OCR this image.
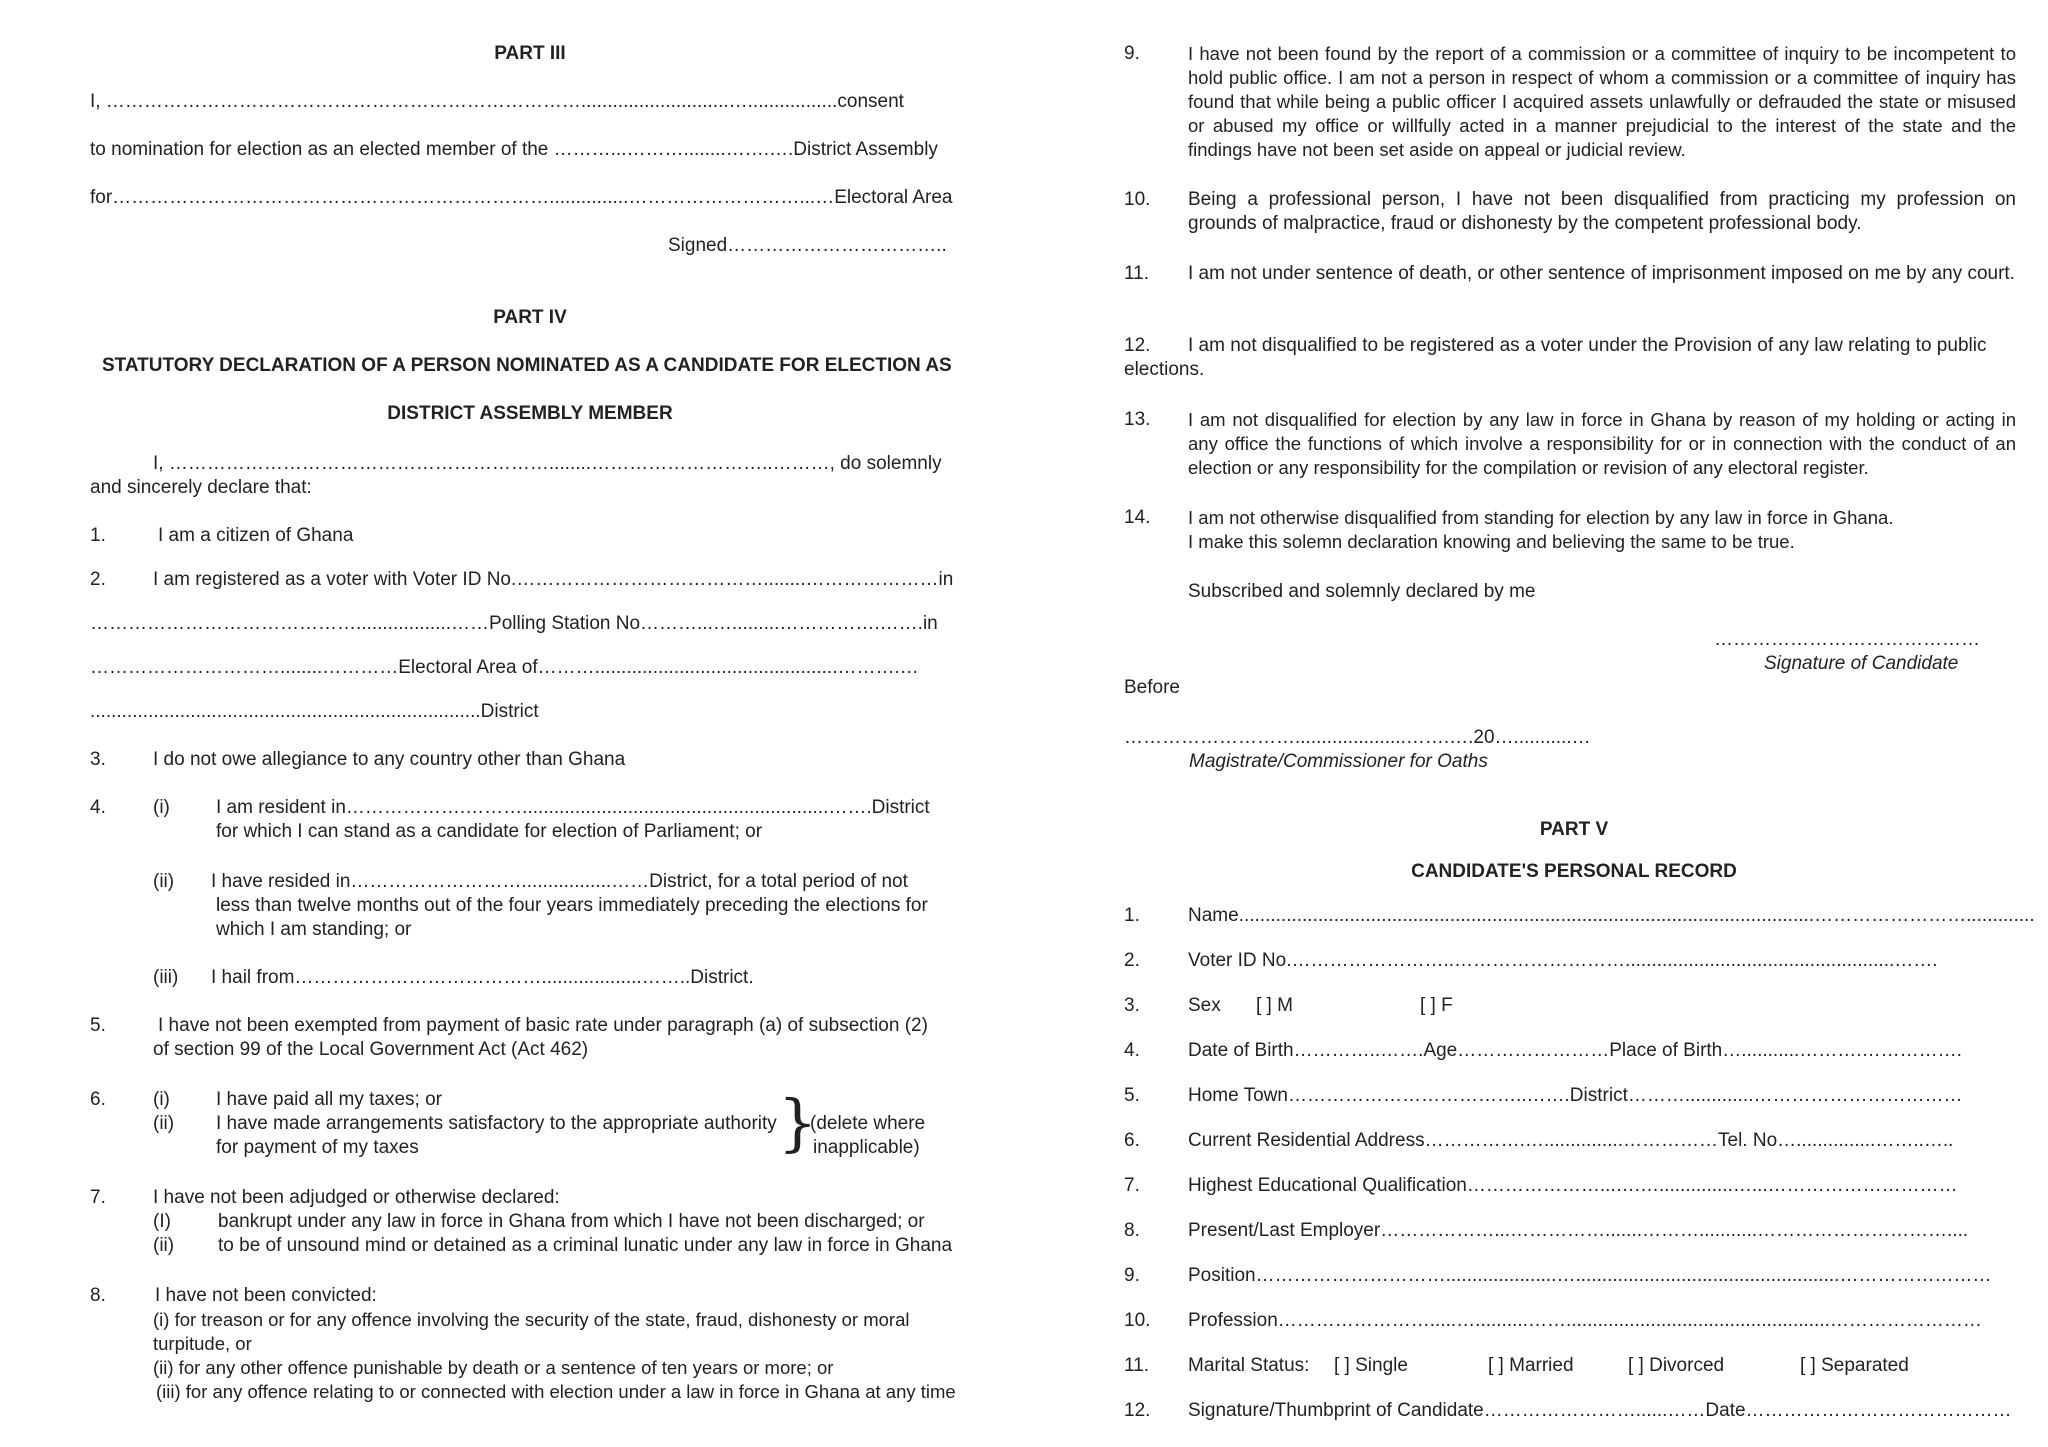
PART III
I, …………………………………………………………………............................….................consent
to nomination for election as an elected member of the ………...………........…….….District Assembly
for……………………………………………………………...............………………………...…Electoral Area
Signed……………………………..
PART IV
STATUTORY DECLARATION OF A PERSON NOMINATED AS A CANDIDATE FOR ELECTION AS
DISTRICT ASSEMBLY MEMBER
I, ……………………………………………………........………………………..………, do solemnly
and sincerely declare that:
1.	I am a citizen of Ghana
2. I am registered as a voter with Voter ID No.…………………………………........…………………in
……………………………………..................……Polling Station No………...….........…………….…….in
…………………………........…………Electoral Area of………..............................................……….…
..........................................................................District
3. I do not owe allegiance to any country other than Ghana
4. (i) I am resident in……………….………..........................................................…….District
for which I can stand as a candidate for election of Parliament; or
(ii) I have resided in……………………….................……District, for a total period of not
less than twelve months out of the four years immediately preceding the elections for
which I am standing; or
(iii) I hail from…………………………………...................……..District.
5.	I have not been exempted from payment of basic rate under paragraph (a) of subsection (2)
of section 99 of the Local Government Act (Act 462)
6. (i) I have paid all my taxes; or
(ii) I have made arrangements satisfactory to the appropriate authority
for payment of my taxes	}
(delete where
inapplicable)
7. I have not been adjudged or otherwise declared:
(I) bankrupt under any law in force in Ghana from which I have not been discharged; or
(ii) to be of unsound mind or detained as a criminal lunatic under any law in force in Ghana
8.	I have not been convicted:
(i) for treason or for any offence involving the security of the state, fraud, dishonesty or moral
turpitude, or
(ii) for any other offence punishable by death or a sentence of ten years or more; or
(iii) for any offence relating to or connected with election under a law in force in Ghana at any time
9.	I have not been found by the report of a commission or a committee of inquiry to be incompetent to hold public office. I am not a person in respect of whom a commission or a committee of inquiry has found that while being a public officer I acquired assets unlawfully or defrauded the state or misused or abused my office or willfully acted in a manner prejudicial to the interest of the state and the findings have not been set aside on appeal or judicial review.
10. Being a professional person, I have not been disqualified from practicing my profession on grounds of malpractice, fraud or dishonesty by the competent professional body.
11. I am not under sentence of death, or other sentence of imprisonment imposed on me by any court.
12. I am not disqualified to be registered as a voter under the Provision of any law relating to public
elections.
13. I am not disqualified for election by any law in force in Ghana by reason of my holding or acting in any office the functions of which involve a responsibility for or in connection with the conduct of an election or any responsibility for the compilation or revision of any electoral register.
14. I am not otherwise disqualified from standing for election by any law in force in Ghana.
I make this solemn declaration knowing and believing the same to be true.
Subscribed and solemnly declared by me
……………………………………
Signature of Candidate
Before
……………………….....................…….….20…...........…
Magistrate/Commissioner for Oaths
PART V
CANDIDATE'S PERSONAL RECORD
1.	Name.............................................................................................................…………………….............
2.	Voter ID No.……………………..………………………...................................................…….
3.	Sex [ ] M	[ ] F
4.	Date of Birth…………..…….Age……………………Place of Birth…...........……….…………….
5.	Home Town………………………………..…….District……….............……………………………
6.	Current Residential Address…………….…...............……………Tel. No…...............……..…..
7.	Highest Educational Qualification…………………...….…..............…...…………………………
8.	Present/Last Employer………………...…………….......………...........…………………………....
9.	Position………………………….....................…..................................................……………………
10. Profession…………………….....…..........……..................................................……………………
11. Marital Status: [ ] Single	[ ] Married	[ ] Divorced	[ ] Separated
12. Signature/Thumbprint of Candidate……………………......……Date……………………………………
